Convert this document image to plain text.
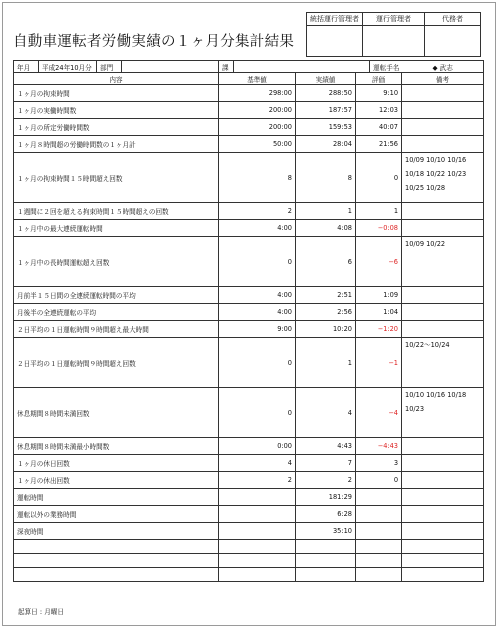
自動車運転者労働実績の１ヶ月分集計結果
統括運行管理者	運行管理者	代務者

年月	平成24年10月分	部門		課				運転手名		◆ 武志
内容				基準値		実績値	評価		備考	
１ヶ月の拘束時間				298:00		288:50	9:10			
１ヶ月の実働時間数				200:00		187:57	12:03			
１ヶ月の所定労働時間数				200:00		159:53	40:07			
１ヶ月８時間超の労働時間数の１ヶ月計				50:00		28:04	21:56			
１ヶ月の拘束時間１５時間超え回数				8		8	0		10/09 10/10 10/16 10/18 10/22 10/23 10/25 10/28	
１週間に２回を超える拘束時間１５時間超えの回数				2		1	1			
１ヶ月中の最大連続運転時間				4:00		4:08	−0:08			
１ヶ月中の長時間運転超え回数				0		6	−6		10/09 10/22	
月前半１５日間の全連続運転時間の平均				4:00		2:51	1:09			
月後半の全連続運転の平均				4:00		2:56	1:04			
２日平均の１日運転時間９時間超え最大時間				9:00		10:20	−1:20			
２日平均の１日運転時間９時間超え回数				0		1	−1		10/22～10/24	
休息期間８時間未満回数				0		4	−4		10/10 10/16 10/18 10/23	
休息期間８時間未満最小時間数				0:00		4:43	−4:43			
１ヶ月の休日回数				4		7	3			
１ヶ月の休出回数				2		2	0			
運転時間						181:29				
運転以外の業務時間						6:28				
深夜時間						35:10				

起算日 : 月曜日
